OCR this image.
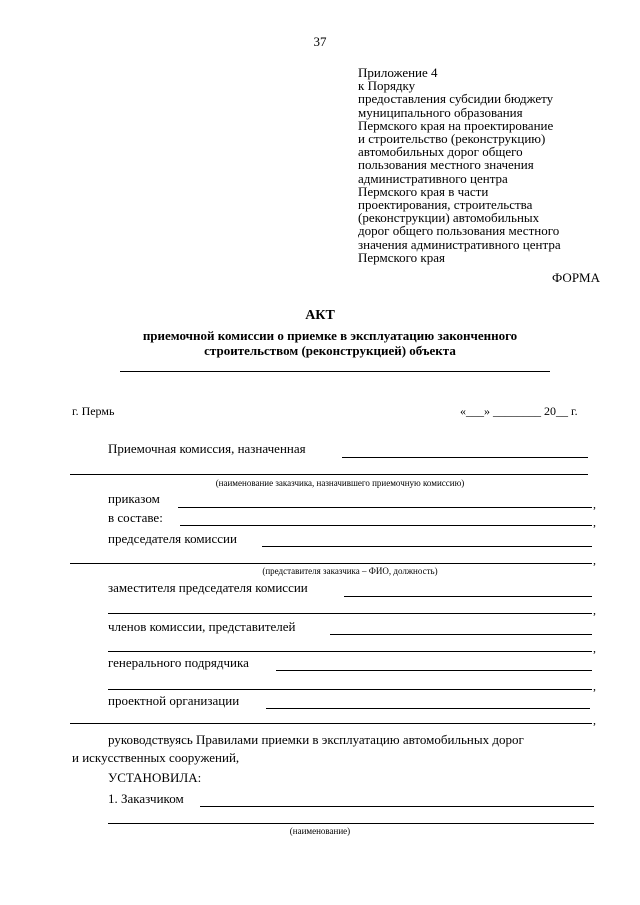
37
Приложение 4
к Порядку
предоставления субсидии бюджету
муниципального образования
Пермского края на проектирование
и строительство (реконструкцию)
автомобильных дорог общего
пользования местного значения
административного центра
Пермского края в части
проектирования, строительства
(реконструкции) автомобильных
дорог общего пользования местного
значения административного центра
Пермского края
ФОРМА
АКТ
приемочной комиссии о приемке в эксплуатацию законченного строительством (реконструкцией) объекта
г. Пермь	«___» ________ 20__ г.
Приемочная комиссия, назначенная
(наименование заказчика, назначившего приемочную комиссию)
приказом	,
в составе:	,
председателя комиссии
,
(представителя заказчика – ФИО, должность)
заместителя председателя комиссии
,
членов комиссии, представителей
,
генерального подрядчика
,
проектной организации
,
руководствуясь Правилами приемки в эксплуатацию автомобильных дорог
и искусственных сооружений,
УСТАНОВИЛА:
1. Заказчиком
(наименование)
